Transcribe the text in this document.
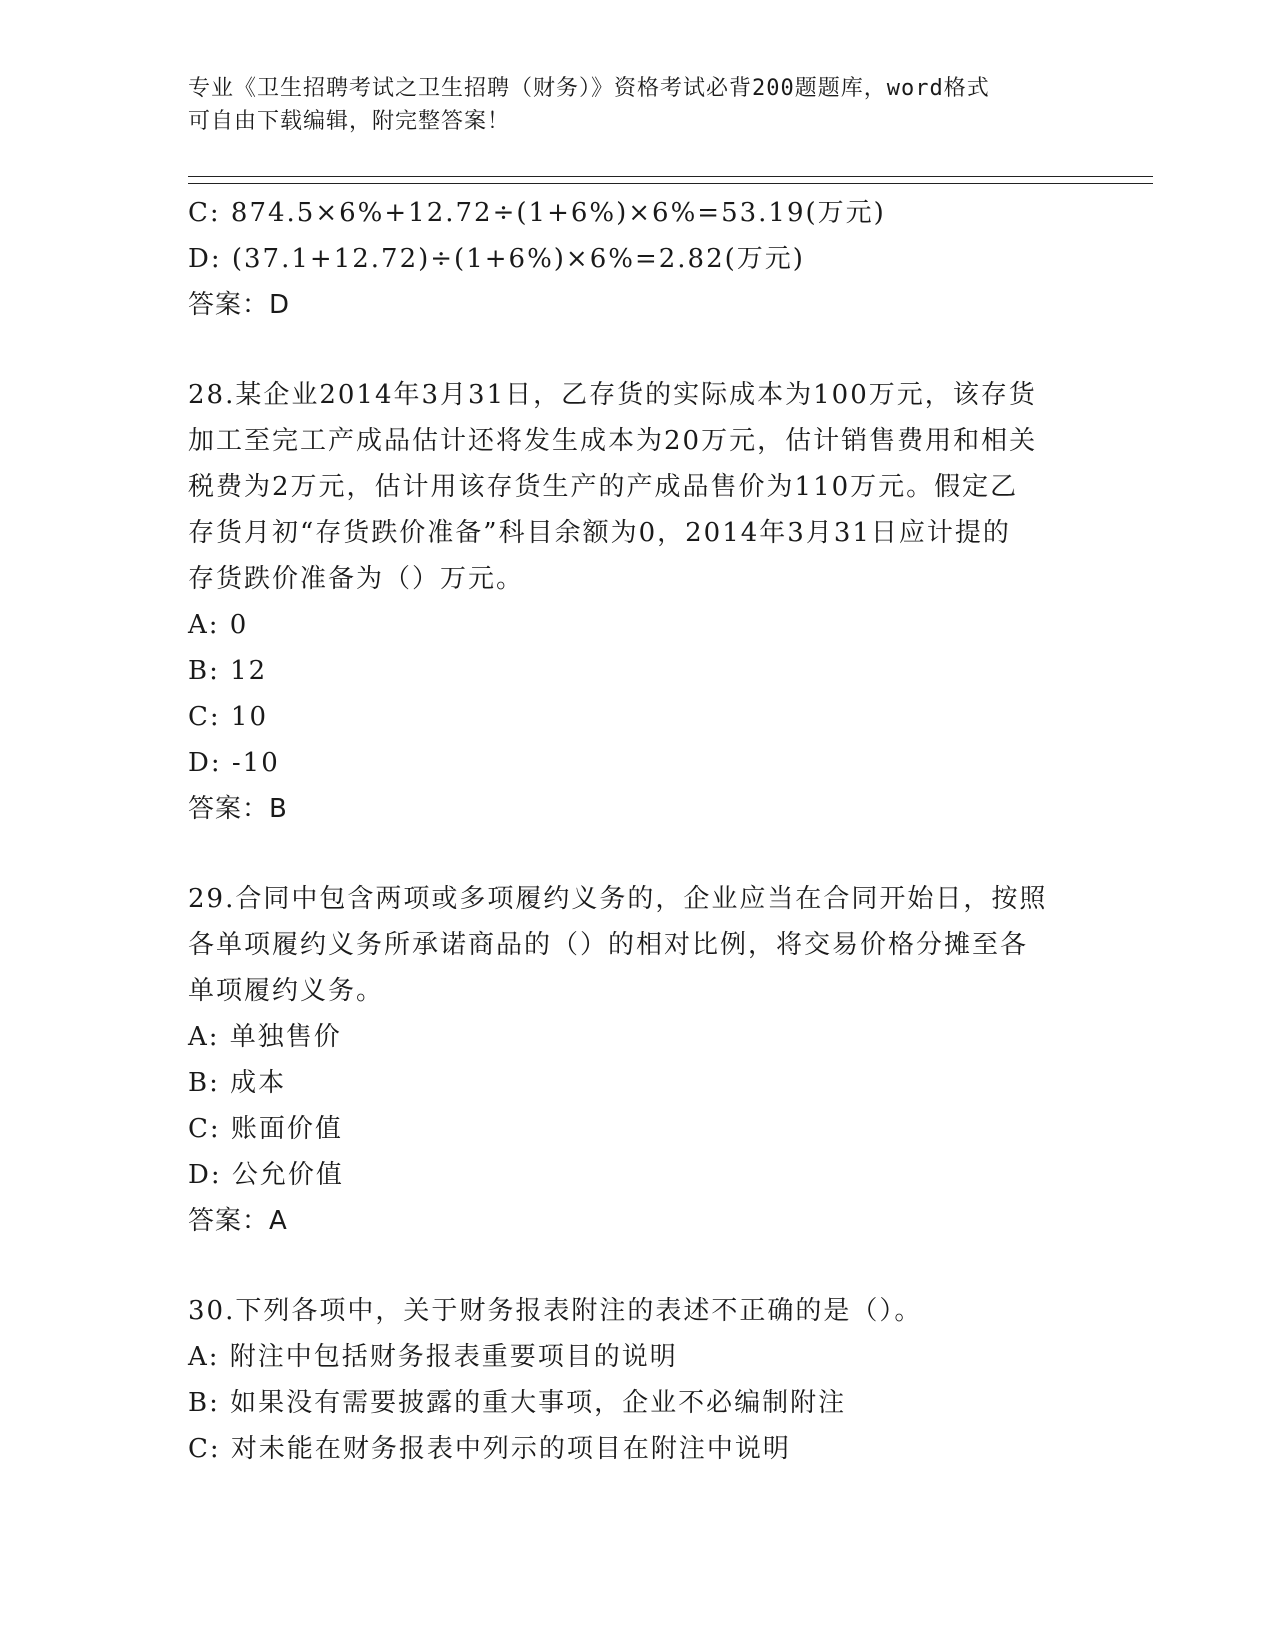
专业《卫生招聘考试之卫生招聘（财务）》资格考试必背200题题库，word格式

可自由下载编辑，附完整答案！

C: 874.5×6%+12.72÷(1+6%)×6%=53.19(万元)
D: (37.1+12.72)÷(1+6%)×6%=2.82(万元)
答案：D
28.某企业2014年3月31日，乙存货的实际成本为100万元，该存货
加工至完工产成品估计还将发生成本为20万元，估计销售费用和相关
税费为2万元，估计用该存货生产的产成品售价为110万元。假定乙
存货月初“存货跌价准备”科目余额为0，2014年3月31日应计提的
存货跌价准备为（）万元。
A: 0
B: 12
C: 10
D: -10
答案：B
29.合同中包含两项或多项履约义务的，企业应当在合同开始日，按照
各单项履约义务所承诺商品的（）的相对比例，将交易价格分摊至各
单项履约义务。
A: 单独售价
B: 成本
C: 账面价值
D: 公允价值
答案：A
30.下列各项中，关于财务报表附注的表述不正确的是（）。
A: 附注中包括财务报表重要项目的说明
B: 如果没有需要披露的重大事项，企业不必编制附注
C: 对未能在财务报表中列示的项目在附注中说明
